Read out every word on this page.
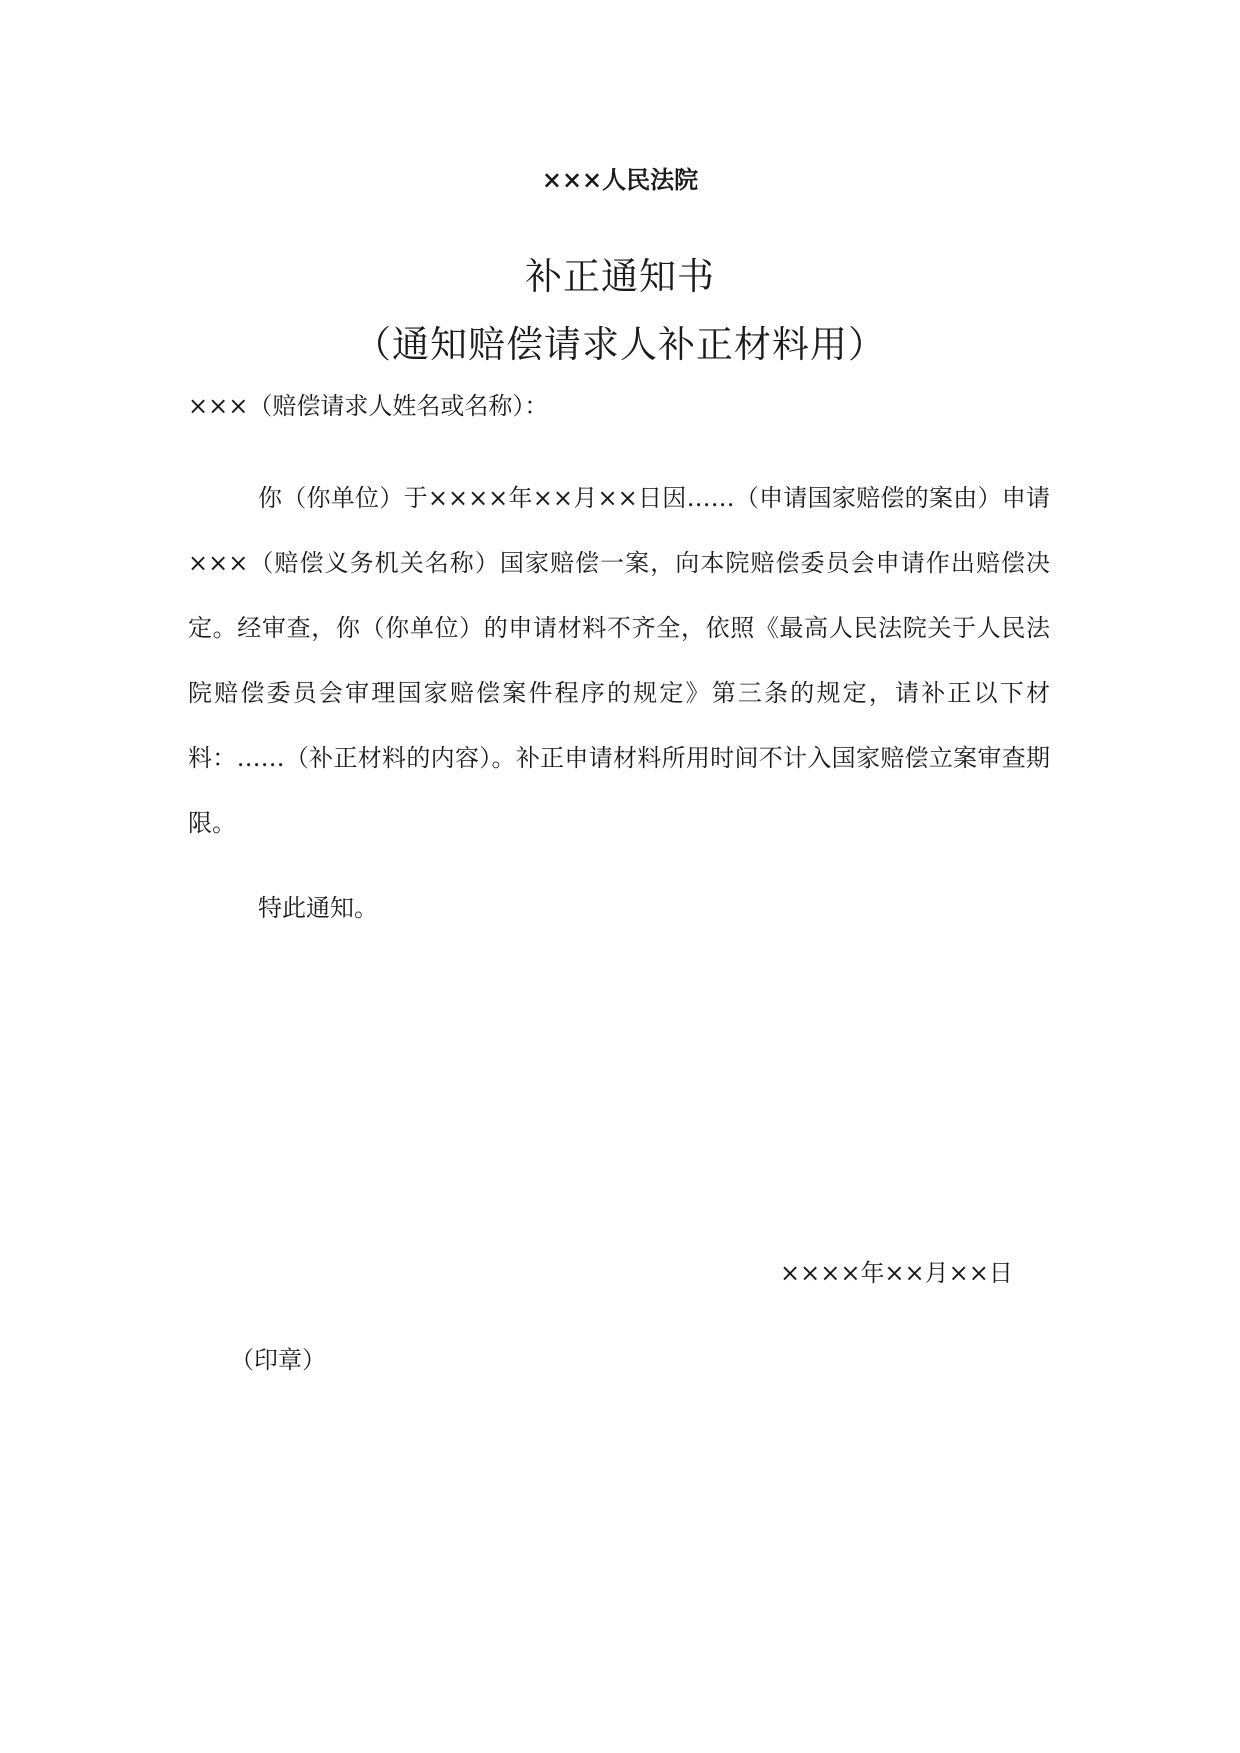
×××人民法院
补正通知书
（通知赔偿请求人补正材料用）
×××（赔偿请求人姓名或名称）：

你（你单位）于××××年××月××日因……（申请国家赔偿的案由）申请×××（赔偿义务机关名称）国家赔偿一案，向本院赔偿委员会申请作出赔偿决定。经审查，你（你单位）的申请材料不齐全，依照《最高人民法院关于人民法院赔偿委员会审理国家赔偿案件程序的规定》第三条的规定，请补正以下材料：……（补正材料的内容）。补正申请材料所用时间不计入国家赔偿立案审查期限。

特此通知。
××××年××月××日
（印章）
